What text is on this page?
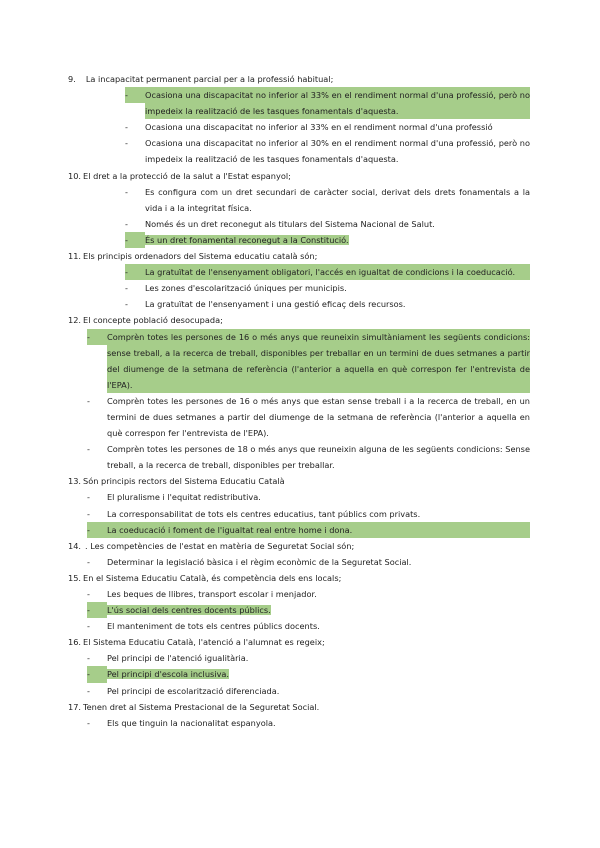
9.	La incapacitat permanent parcial per a la professió habitual;
-	Ocasiona una discapacitat no inferior al 33% en el rendiment normal d'una professió, però no impedeix la realització de les tasques fonamentals d'aquesta.
-	Ocasiona una discapacitat no inferior al 33% en el rendiment normal d'una professió
-	Ocasiona una discapacitat no inferior al 30% en el rendiment normal d'una professió, però no impedeix la realització de les tasques fonamentals d'aquesta.
10. El dret a la protecció de la salut a l'Estat espanyol;
-	Es configura com un dret secundari de caràcter social, derivat dels drets fonamentals a la vida i a la integritat física.
-	Només és un dret reconegut als titulars del Sistema Nacional de Salut.
-	És un dret fonamental reconegut a la Constitució.
11. Els principis ordenadors del Sistema educatiu català són;
-	La gratuïtat de l'ensenyament obligatori, l'accés en igualtat de condicions i la coeducació.
-	Les zones d'escolarització úniques per municipis.
-	La gratuïtat de l'ensenyament i una gestió eficaç dels recursos.
12. El concepte població desocupada;
-	Comprèn totes les persones de 16 o més anys que reuneixin simultàniament les següents condicions: sense treball, a la recerca de treball, disponibles per treballar en un termini de dues setmanes a partir del diumenge de la setmana de referència (l'anterior a aquella en què correspon fer l'entrevista de l'EPA).
-	Comprèn totes les persones de 16 o més anys que estan sense treball i a la recerca de treball, en un termini de dues setmanes a partir del diumenge de la setmana de referència (l'anterior a aquella en què correspon fer l'entrevista de l'EPA).
-	Comprèn totes les persones de 18 o més anys que reuneixin alguna de les següents condicions: Sense treball, a la recerca de treball, disponibles per treballar.
13. Són principis rectors del Sistema Educatiu Català
-	El pluralisme i l'equitat redistributiva.
-	La corresponsabilitat de tots els centres educatius, tant públics com privats.
-	La coeducació i foment de l'igualtat real entre home i dona.
14. . Les competències de l'estat en matèria de Seguretat Social són;
-	Determinar la legislació bàsica i el règim econòmic de la Seguretat Social.
15. En el Sistema Educatiu Català, és competència dels ens locals;
-	Les beques de llibres, transport escolar i menjador.
-	L'ús social dels centres docents públics.
-	El manteniment de tots els centres públics docents.
16. El Sistema Educatiu Català, l'atenció a l'alumnat es regeix;
-	Pel principi de l'atenció igualitària.
-	Pel principi d'escola inclusiva.
-	Pel principi de escolarització diferenciada.
17. Tenen dret al Sistema Prestacional de la Seguretat Social.
-	Els que tinguin la nacionalitat espanyola.
